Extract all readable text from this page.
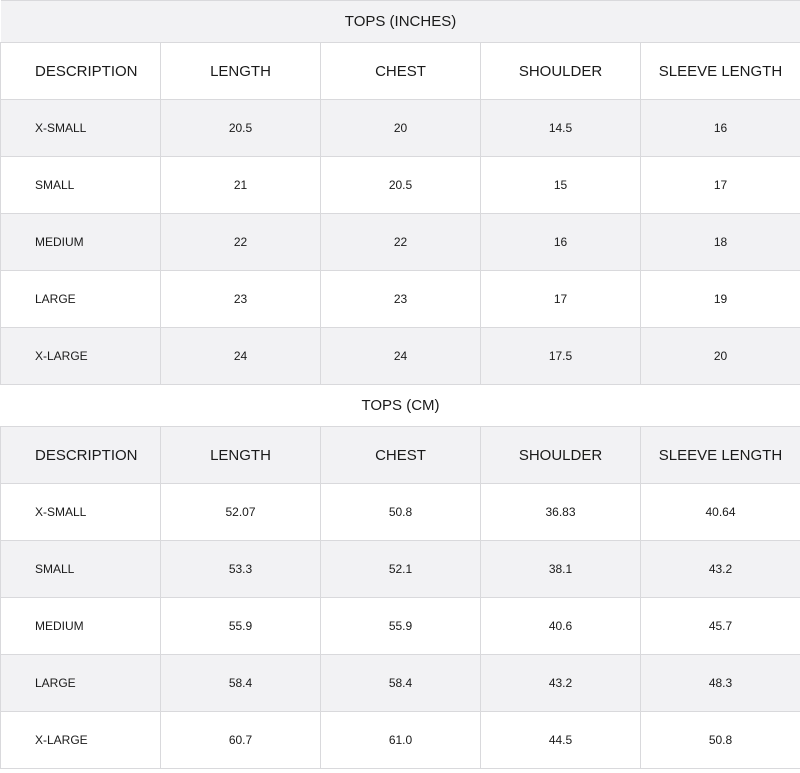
TOPS (INCHES)				
DESCRIPTION	LENGTH	CHEST	SHOULDER	SLEEVE LENGTH
X-SMALL	20.5	20	14.5	16
SMALL	21	20.5	15	17
MEDIUM	22	22	16	18
LARGE	23	23	17	19
X-LARGE	24	24	17.5	20
TOPS (CM)				
DESCRIPTION	LENGTH	CHEST	SHOULDER	SLEEVE LENGTH
X-SMALL	52.07	50.8	36.83	40.64
SMALL	53.3	52.1	38.1	43.2
MEDIUM	55.9	55.9	40.6	45.7
LARGE	58.4	58.4	43.2	48.3
X-LARGE	60.7	61.0	44.5	50.8
